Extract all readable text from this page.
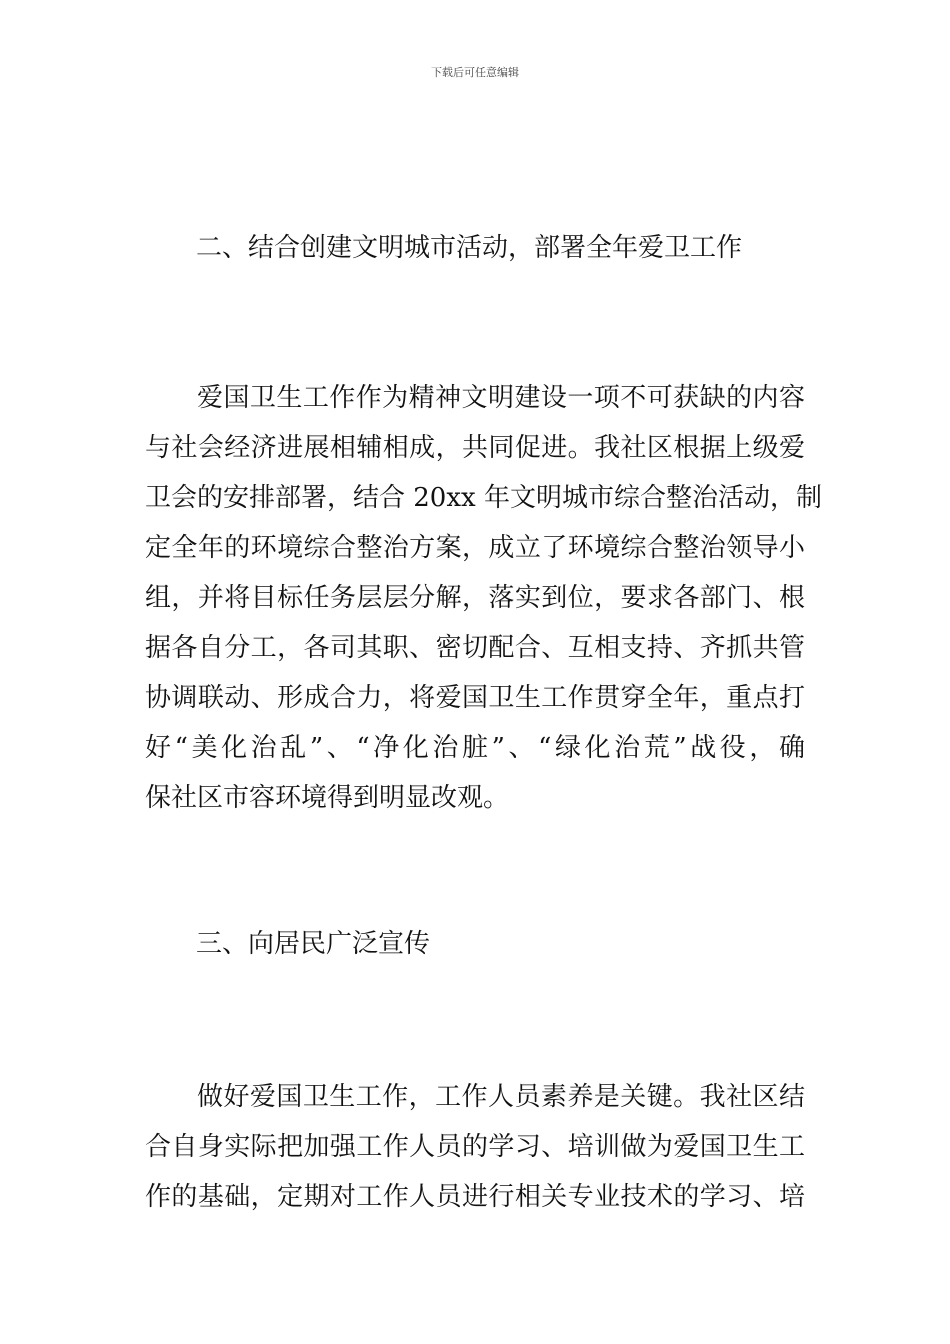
下载后可任意编辑
二、结合创建文明城市活动，部署全年爱卫工作
爱国卫生工作作为精神文明建设一项不可获缺的内容
与社会经济进展相辅相成，共同促进。我社区根据上级爱
卫会的安排部署，结合 20xx 年文明城市综合整治活动，制
定全年的环境综合整治方案，成立了环境综合整治领导小
组，并将目标任务层层分解，落实到位，要求各部门、根
据各自分工，各司其职、密切配合、互相支持、齐抓共管
协调联动、形成合力，将爱国卫生工作贯穿全年，重点打
好“美化治乱”、“净化治脏”、“绿化治荒”战役，确
保社区市容环境得到明显改观。
三、向居民广泛宣传
做好爱国卫生工作，工作人员素养是关键。我社区结
合自身实际把加强工作人员的学习、培训做为爱国卫生工
作的基础，定期对工作人员进行相关专业技术的学习、培
